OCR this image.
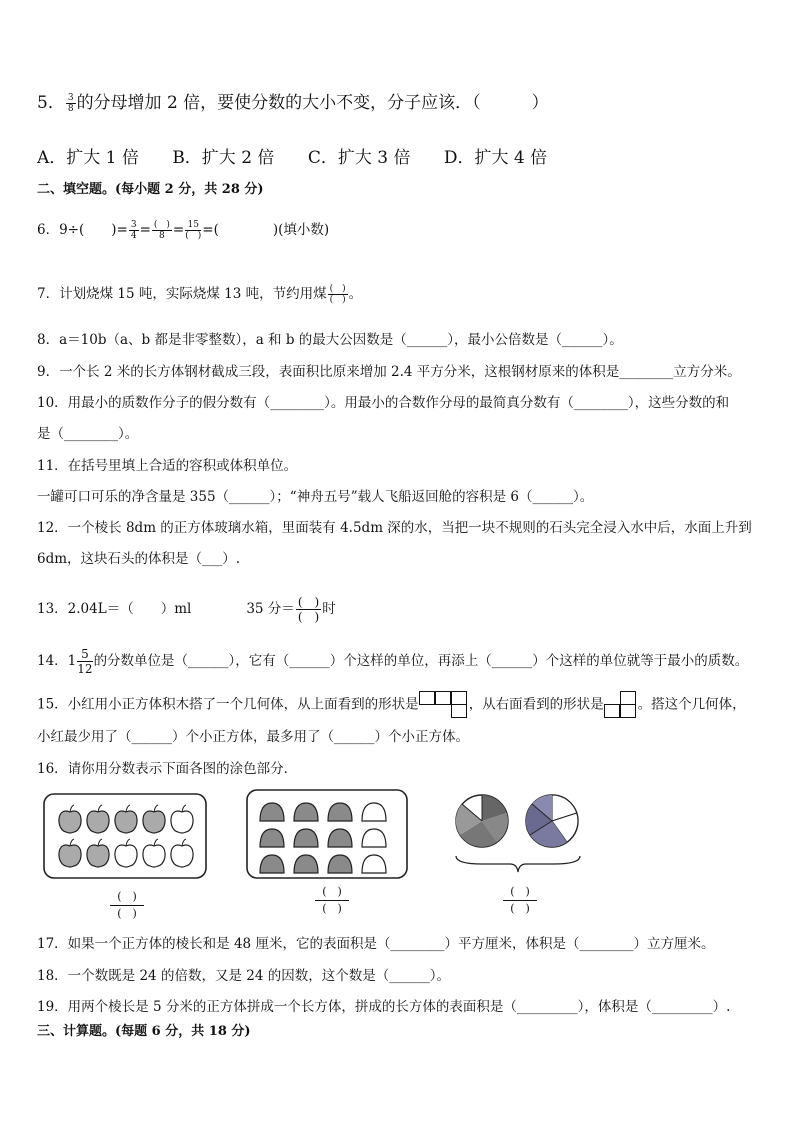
5． $\frac{3}{8}$ 的分母增加 2 倍，要使分数的大小不变，分子应该．（　　　）
A．扩大 1 倍 B．扩大 2 倍 C．扩大 3 倍 D．扩大 4 倍
二、填空题。(每小题 2 分，共 28 分)
6．9÷(　　)= $\frac{3}{4} = \frac{( )}{8} = \frac{15}{( )}$ =(　　　　)(填小数)
7．计划烧煤 15 吨，实际烧煤 13 吨，节约用煤 $\frac{( )}{( )}$ 。
8．a＝10b（a、b 都是非零整数），a 和 b 的最大公因数是（______），最小公倍数是（______）。
9．一个长 2 米的长方体钢材截成三段，表面积比原来增加 2.4 平方分米，这根钢材原来的体积是________立方分米。
10．用最小的质数作分子的假分数有（________）。用最小的合数作分母的最简真分数有（________），这些分数的和
是（________）。
11．在括号里填上合适的容积或体积单位。
一罐可口可乐的净含量是 355（______）；“神舟五号”载人飞船返回舱的容积是 6（______）。
12．一个棱长 8dm 的正方体玻璃水箱，里面装有 4.5dm 深的水，当把一块不规则的石头完全浸入水中后，水面上升到
6dm，这块石头的体积是（___）.
13．2.04L＝（　　）ml	35 分＝ $\frac{( )}{( )}$ 时
14．$1 \frac{5}{12}$ 的分数单位是（______），它有（______）个这样的单位，再添上（______）个这样的单位就等于最小的质数。
15．小红用小正方体积木搭了一个几何体，从上面看到的形状是	，从右面看到的形状是	。搭这个几何体，
小红最少用了（______）个小正方体，最多用了（______）个小正方体。
16．请你用分数表示下面各图的涂色部分．
(　)
(　)
(　)
(　)
(　)
(　)
17．如果一个正方体的棱长和是 48 厘米，它的表面积是（________）平方厘米，体积是（________）立方厘米。
18．一个数既是 24 的倍数，又是 24 的因数，这个数是（______）。
19．用两个棱长是 5 分米的正方体拼成一个长方体，拼成的长方体的表面积是（_________），体积是（_________）.
三、计算题。(每题 6 分，共 18 分)
